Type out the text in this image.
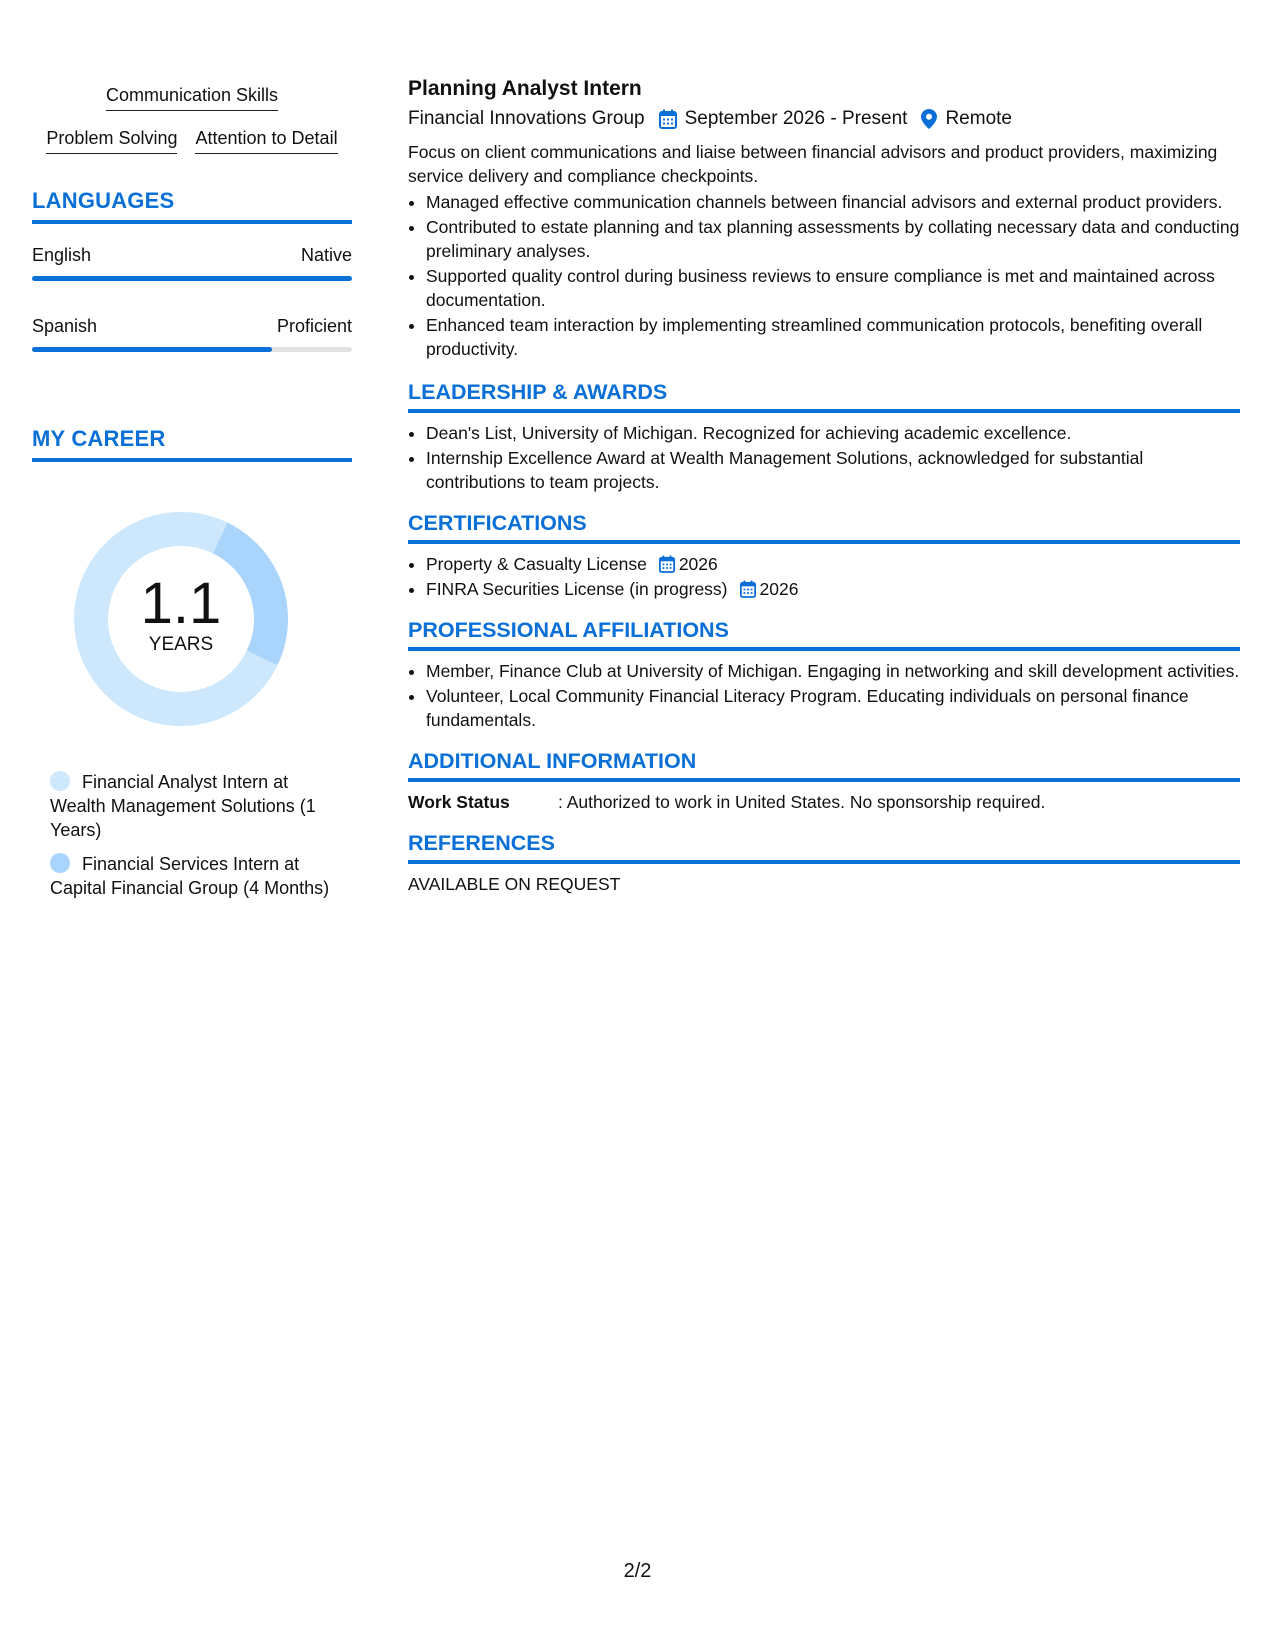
Communication Skills
Problem Solving Attention to Detail
LANGUAGES
English	Native
Spanish	Proficient
MY CAREER
1.1
YEARS
Financial Analyst Intern at Wealth Management Solutions (1 Years)
Financial Services Intern at Capital Financial Group (4 Months)
Planning Analyst Intern
Financial Innovations Group September 2026 - Present Remote
Focus on client communications and liaise between financial advisors and product providers, maximizing service delivery and compliance checkpoints.
• Managed effective communication channels between financial advisors and external product providers.
• Contributed to estate planning and tax planning assessments by collating necessary data and conducting preliminary analyses.
• Supported quality control during business reviews to ensure compliance is met and maintained across documentation.
• Enhanced team interaction by implementing streamlined communication protocols, benefiting overall productivity.
LEADERSHIP & AWARDS
• Dean's List, University of Michigan. Recognized for achieving academic excellence.
• Internship Excellence Award at Wealth Management Solutions, acknowledged for substantial contributions to team projects.
CERTIFICATIONS
• Property & Casualty License 2026
• FINRA Securities License (in progress) 2026
PROFESSIONAL AFFILIATIONS
• Member, Finance Club at University of Michigan. Engaging in networking and skill development activities.
• Volunteer, Local Community Financial Literacy Program. Educating individuals on personal finance fundamentals.
ADDITIONAL INFORMATION
Work Status	: Authorized to work in United States. No sponsorship required.
REFERENCES
AVAILABLE ON REQUEST
2/2
